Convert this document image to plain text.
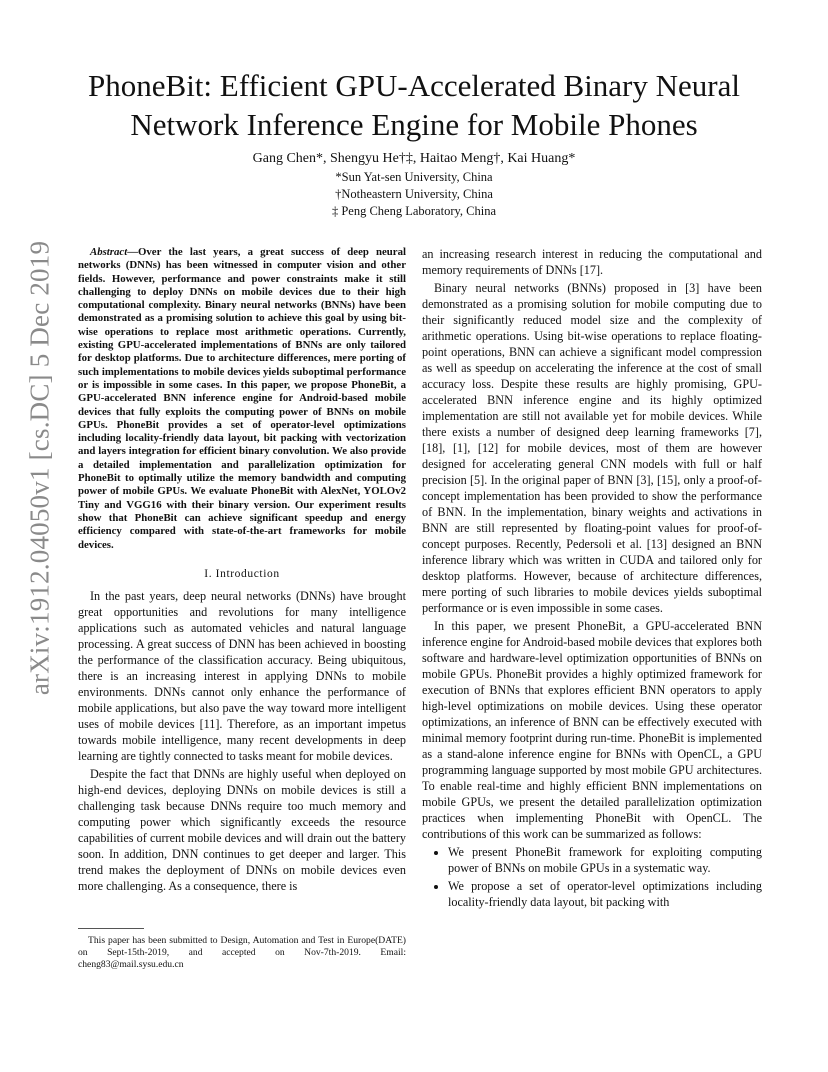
arXiv:1912.04050v1 [cs.DC] 5 Dec 2019
PhoneBit: Efficient GPU-Accelerated Binary Neural Network Inference Engine for Mobile Phones
Gang Chen*, Shengyu He†‡, Haitao Meng†, Kai Huang*
*Sun Yat-sen University, China
†Notheastern University, China
‡ Peng Cheng Laboratory, China

Abstract—Over the last years, a great success of deep neural networks (DNNs) has been witnessed in computer vision and other fields. However, performance and power constraints make it still challenging to deploy DNNs on mobile devices due to their high computational complexity. Binary neural networks (BNNs) have been demonstrated as a promising solution to achieve this goal by using bit-wise operations to replace most arithmetic operations. Currently, existing GPU-accelerated implementations of BNNs are only tailored for desktop platforms. Due to architecture differences, mere porting of such implementations to mobile devices yields suboptimal performance or is impossible in some cases. In this paper, we propose PhoneBit, a GPU-accelerated BNN inference engine for Android-based mobile devices that fully exploits the computing power of BNNs on mobile GPUs. PhoneBit provides a set of operator-level optimizations including locality-friendly data layout, bit packing with vectorization and layers integration for efficient binary convolution. We also provide a detailed implementation and parallelization optimization for PhoneBit to optimally utilize the memory bandwidth and computing power of mobile GPUs. We evaluate PhoneBit with AlexNet, YOLOv2 Tiny and VGG16 with their binary version. Our experiment results show that PhoneBit can achieve significant speedup and energy efficiency compared with state-of-the-art frameworks for mobile devices.

I. Introduction

In the past years, deep neural networks (DNNs) have brought great opportunities and revolutions for many intelligence applications such as automated vehicles and natural language processing. A great success of DNN has been achieved in boosting the performance of the classification accuracy. Being ubiquitous, there is an increasing interest in applying DNNs to mobile environments. DNNs cannot only enhance the performance of mobile applications, but also pave the way toward more intelligent uses of mobile devices [11]. Therefore, as an important impetus towards mobile intelligence, many recent developments in deep learning are tightly connected to tasks meant for mobile devices.

Despite the fact that DNNs are highly useful when deployed on high-end devices, deploying DNNs on mobile devices is still a challenging task because DNNs require too much memory and computing power which significantly exceeds the resource capabilities of current mobile devices and will drain out the battery soon. In addition, DNN continues to get deeper and larger. This trend makes the deployment of DNNs on mobile devices even more challenging. As a consequence, there is

This paper has been submitted to Design, Automation and Test in Europe(DATE) on Sept-15th-2019, and accepted on Nov-7th-2019. Email: cheng83@mail.sysu.edu.cn

an increasing research interest in reducing the computational and memory requirements of DNNs [17].

Binary neural networks (BNNs) proposed in [3] have been demonstrated as a promising solution for mobile computing due to their significantly reduced model size and the complexity of arithmetic operations. Using bit-wise operations to replace floating-point operations, BNN can achieve a significant model compression as well as speedup on accelerating the inference at the cost of small accuracy loss. Despite these results are highly promising, GPU-accelerated BNN inference engine and its highly optimized implementation are still not available yet for mobile devices. While there exists a number of designed deep learning frameworks [7], [18], [1], [12] for mobile devices, most of them are however designed for accelerating general CNN models with full or half precision [5]. In the original paper of BNN [3], [15], only a proof-of-concept implementation has been provided to show the performance of BNN. In the implementation, binary weights and activations in BNN are still represented by floating-point values for proof-of-concept purposes. Recently, Pedersoli et al. [13] designed an BNN inference library which was written in CUDA and tailored only for desktop platforms. However, because of architecture differences, mere porting of such libraries to mobile devices yields suboptimal performance or is even impossible in some cases.

In this paper, we present PhoneBit, a GPU-accelerated BNN inference engine for Android-based mobile devices that explores both software and hardware-level optimization opportunities of BNNs on mobile GPUs. PhoneBit provides a highly optimized framework for execution of BNNs that explores efficient BNN operators to apply high-level optimizations on mobile devices. Using these operator optimizations, an inference of BNN can be effectively executed with minimal memory footprint during run-time. PhoneBit is implemented as a stand-alone inference engine for BNNs with OpenCL, a GPU programming language supported by most mobile GPU architectures. To enable real-time and highly efficient BNN implementations on mobile GPUs, we present the detailed parallelization optimization practices when implementing PhoneBit with OpenCL. The contributions of this work can be summarized as follows:

• We present PhoneBit framework for exploiting computing power of BNNs on mobile GPUs in a systematic way.
• We propose a set of operator-level optimizations including locality-friendly data layout, bit packing with
